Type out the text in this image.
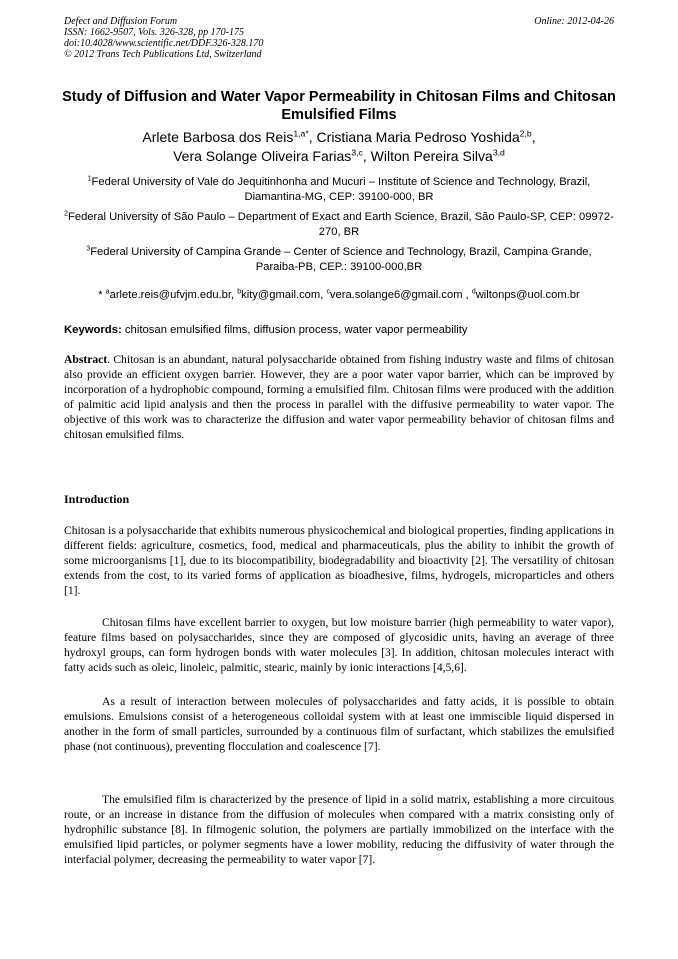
Defect and Diffusion Forum
ISSN: 1662-9507, Vols. 326-328, pp 170-175
doi:10.4028/www.scientific.net/DDF.326-328.170
© 2012 Trans Tech Publications Ltd, Switzerland
Online: 2012-04-26
Study of Diffusion and Water Vapor Permeability in Chitosan Films and Chitosan Emulsified Films
Arlete Barbosa dos Reis$^{1,a*}$, Cristiana Maria Pedroso Yoshida$^{2,b}$,
Vera Solange Oliveira Farias$^{3,c}$, Wilton Pereira Silva$^{3,d}$
$^1$Federal University of Vale do Jequitinhonha and Mucuri – Institute of Science and Technology, Brazil, Diamantina-MG, CEP: 39100-000, BR
$^2$Federal University of São Paulo – Department of Exact and Earth Science, Brazil, São Paulo-SP, CEP: 09972-270, BR
$^3$Federal University of Campina Grande – Center of Science and Technology, Brazil, Campina Grande, Paraiba-PB, CEP.: 39100-000,BR
* $^a$arlete.reis@ufvjm.edu.br, $^b$kity@gmail.com, $^c$vera.solange6@gmail.com , $^d$wiltonps@uol.com.br
Keywords: chitosan emulsified films, diffusion process, water vapor permeability
Abstract. Chitosan is an abundant, natural polysaccharide obtained from fishing industry waste and films of chitosan also provide an efficient oxygen barrier. However, they are a poor water vapor barrier, which can be improved by incorporation of a hydrophobic compound, forming a emulsified film. Chitosan films were produced with the addition of palmitic acid lipid analysis and then the process in parallel with the diffusive permeability to water vapor. The objective of this work was to characterize the diffusion and water vapor permeability behavior of chitosan films and chitosan emulsified films.
Introduction
Chitosan is a polysaccharide that exhibits numerous physicochemical and biological properties, finding applications in different fields: agriculture, cosmetics, food, medical and pharmaceuticals, plus the ability to inhibit the growth of some microorganisms [1], due to its biocompatibility, biodegradability and bioactivity [2]. The versatility of chitosan extends from the cost, to its varied forms of application as bioadhesive, films, hydrogels, microparticles and others [1].
Chitosan films have excellent barrier to oxygen, but low moisture barrier (high permeability to water vapor), feature films based on polysaccharides, since they are composed of glycosidic units, having an average of three hydroxyl groups, can form hydrogen bonds with water molecules [3]. In addition, chitosan molecules interact with fatty acids such as oleic, linoleic, palmitic, stearic, mainly by ionic interactions [4,5,6].
As a result of interaction between molecules of polysaccharides and fatty acids, it is possible to obtain emulsions. Emulsions consist of a heterogeneous colloidal system with at least one immiscible liquid dispersed in another in the form of small particles, surrounded by a continuous film of surfactant, which stabilizes the emulsified phase (not continuous), preventing flocculation and coalescence [7].
The emulsified film is characterized by the presence of lipid in a solid matrix, establishing a more circuitous route, or an increase in distance from the diffusion of molecules when compared with a matrix consisting only of hydrophilic substance [8]. In filmogenic solution, the polymers are partially immobilized on the interface with the emulsified lipid particles, or polymer segments have a lower mobility, reducing the diffusivity of water through the interfacial polymer, decreasing the permeability to water vapor [7].
